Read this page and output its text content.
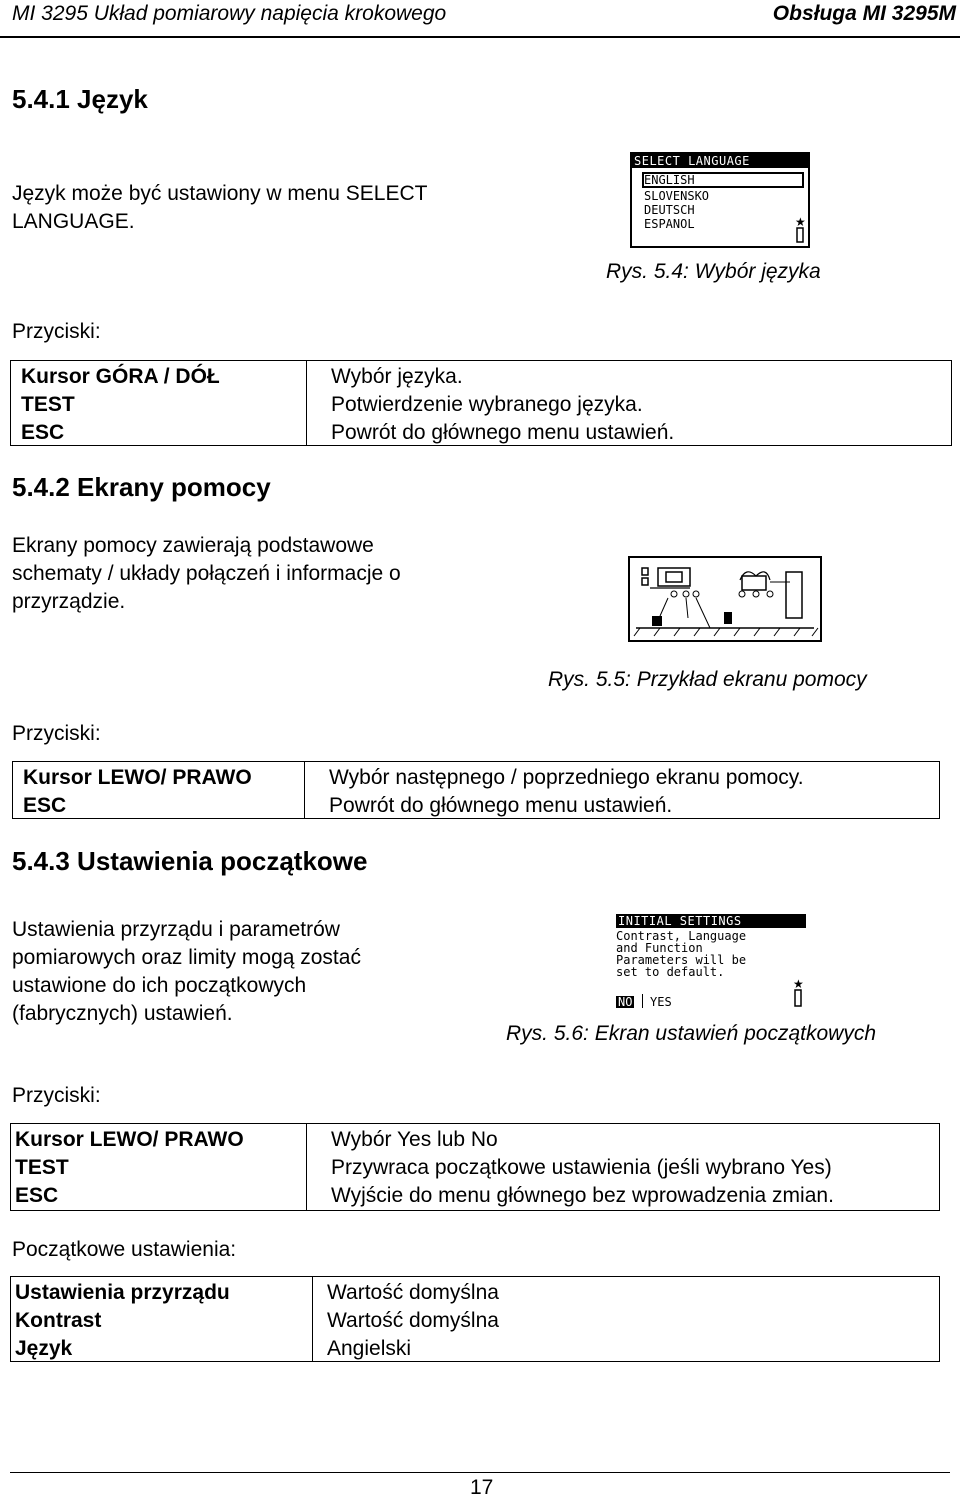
MI 3295 Układ pomiarowy napięcia krokowego	Obsługa MI 3295M
5.4.1 Język
Język może być ustawiony w menu SELECT
LANGUAGE.
SELECT LANGUAGE
ENGLISH
SLOVENSKO
DEUTSCH
ESPANOL	★
Rys. 5.4: Wybór języka
Przyciski:
Kursor GÓRA / DÓŁ
TEST
ESC
Wybór języka.
Potwierdzenie wybranego języka.
Powrót do głównego menu ustawień.
5.4.2 Ekrany pomocy
Ekrany pomocy zawierają podstawowe
schematy / układy połączeń i informacje o
przyrządzie.
Rys. 5.5: Przykład ekranu pomocy
Przyciski:
Kursor LEWO/ PRAWO
ESC
Wybór następnego / poprzedniego ekranu pomocy.
Powrót do głównego menu ustawień.
5.4.3 Ustawienia początkowe
Ustawienia przyrządu i parametrów
pomiarowych oraz limity mogą zostać
ustawione do ich początkowych
(fabrycznych) ustawień.
INITIAL SETTINGS
Contrast, Language
and Function
Parameters will be
set to default.
NO YES
★
Rys. 5.6: Ekran ustawień początkowych
Przyciski:
Kursor LEWO/ PRAWO
TEST
ESC
Wybór Yes lub No
Przywraca początkowe ustawienia (jeśli wybrano Yes)
Wyjście do menu głównego bez wprowadzenia zmian.
Początkowe ustawienia:
Ustawienia przyrządu
Kontrast
Język
Wartość domyślna
Wartość domyślna
Angielski
17
